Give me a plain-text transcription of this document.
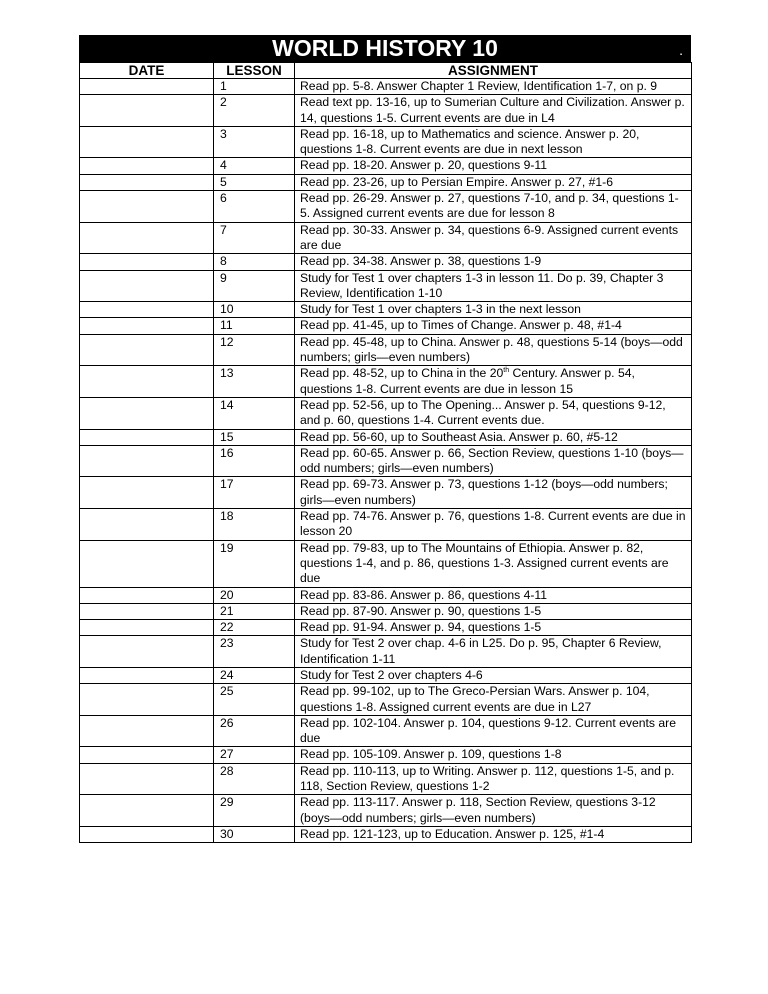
WORLD HISTORY 10	.
DATE	LESSON	ASSIGNMENT
	1	Read pp. 5-8. Answer Chapter 1 Review, Identification 1-7, on p. 9
	2	Read text pp. 13-16, up to Sumerian Culture and Civilization. Answer p. 14, questions 1-5. Current events are due in L4
	3	Read pp. 16-18, up to Mathematics and science. Answer p. 20, questions 1-8. Current events are due in next lesson
	4	Read pp. 18-20. Answer p. 20, questions 9-11
	5	Read pp. 23-26, up to Persian Empire. Answer p. 27, #1-6
	6	Read pp. 26-29. Answer p. 27, questions 7-10, and p. 34, questions 1-5. Assigned current events are due for lesson 8
	7	Read pp. 30-33. Answer p. 34, questions 6-9. Assigned current events are due
	8	Read pp. 34-38. Answer p. 38, questions 1-9
	9	Study for Test 1 over chapters 1-3 in lesson 11. Do p. 39, Chapter 3 Review, Identification 1-10
	10	Study for Test 1 over chapters 1-3 in the next lesson
	11	Read pp. 41-45, up to Times of Change. Answer p. 48, #1-4
	12	Read pp. 45-48, up to China. Answer p. 48, questions 5-14 (boys—odd numbers; girls—even numbers)
	13	Read pp. 48-52, up to China in the 20th Century. Answer p. 54, questions 1-8. Current events are due in lesson 15
	14	Read pp. 52-56, up to The Opening... Answer p. 54, questions 9-12, and p. 60, questions 1-4. Current events due.
	15	Read pp. 56-60, up to Southeast Asia. Answer p. 60, #5-12
	16	Read pp. 60-65. Answer p. 66, Section Review, questions 1-10 (boys—odd numbers; girls—even numbers)
	17	Read pp. 69-73. Answer p. 73, questions 1-12 (boys—odd numbers; girls—even numbers)
	18	Read pp. 74-76. Answer p. 76, questions 1-8. Current events are due in lesson 20
	19	Read pp. 79-83, up to The Mountains of Ethiopia. Answer p. 82, questions 1-4, and p. 86, questions 1-3. Assigned current events are due
	20	Read pp. 83-86. Answer p. 86, questions 4-11
	21	Read pp. 87-90. Answer p. 90, questions 1-5
	22	Read pp. 91-94. Answer p. 94, questions 1-5
	23	Study for Test 2 over chap. 4-6 in L25. Do p. 95, Chapter 6 Review, Identification 1-11
	24	Study for Test 2 over chapters 4-6
	25	Read pp. 99-102, up to The Greco-Persian Wars. Answer p. 104, questions 1-8. Assigned current events are due in L27
	26	Read pp. 102-104. Answer p. 104, questions 9-12. Current events are due
	27	Read pp. 105-109. Answer p. 109, questions 1-8
	28	Read pp. 110-113, up to Writing. Answer p. 112, questions 1-5, and p. 118, Section Review, questions 1-2
	29	Read pp. 113-117. Answer p. 118, Section Review, questions 3-12 (boys—odd numbers; girls—even numbers)
	30	Read pp. 121-123, up to Education. Answer p. 125, #1-4
